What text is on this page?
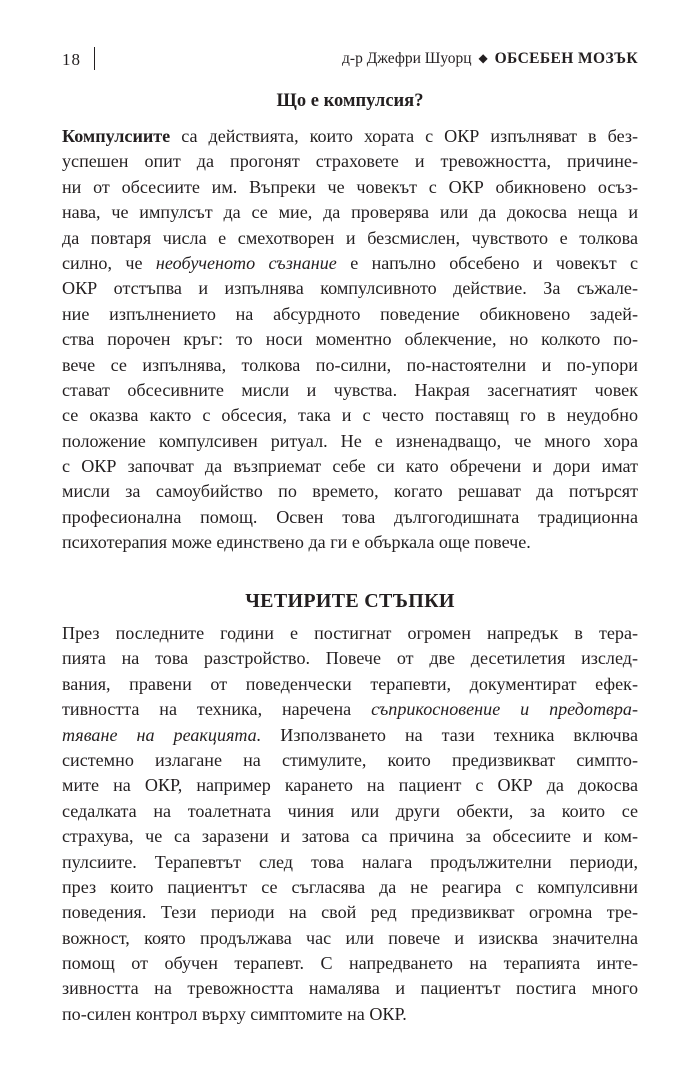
18	д-р Джефри Шуорц ◆ ОБСЕБЕН МОЗЪК
Що е компулсия?
Компулсиите са действията, които хората с ОКР изпълняват в без-
успешен опит да прогонят страховете и тревожността, причине-
ни от обсесиите им. Въпреки че човекът с ОКР обикновено осъз-
нава, че импулсът да се мие, да проверява или да докосва неща и
да повтаря числа е смехотворен и безсмислен, чувството е толкова
силно, че необученото съзнание е напълно обсебено и човекът с
ОКР отстъпва и изпълнява компулсивното действие. За съжале-
ние изпълнението на абсурдното поведение обикновено задей-
ства порочен кръг: то носи моментно облекчение, но колкото по-
вече се изпълнява, толкова по-силни, по-настоятелни и по-упори
стават обсесивните мисли и чувства. Накрая засегнатият човек
се оказва както с обсесия, така и с често поставящ го в неудобно
положение компулсивен ритуал. Не е изненадващо, че много хора
с ОКР започват да възприемат себе си като обречени и дори имат
мисли за самоубийство по времето, когато решават да потърсят
професионална помощ. Освен това дългогодишната традиционна
психотерапия може единствено да ги е объркала още повече.
ЧЕТИРИТЕ СТЪПКИ
През последните години е постигнат огромен напредък в тера-
пията на това разстройство. Повече от две десетилетия изслед-
вания, правени от поведенчески терапевти, документират ефек-
тивността на техника, наречена съприкосновение и предотвра-
тяване на реакцията. Използването на тази техника включва
системно излагане на стимулите, които предизвикват симпто-
мите на ОКР, например карането на пациент с ОКР да докосва
седалката на тоалетната чиния или други обекти, за които се
страхува, че са заразени и затова са причина за обсесиите и ком-
пулсиите. Терапевтът след това налага продължителни периоди,
през които пациентът се съгласява да не реагира с компулсивни
поведения. Тези периоди на свой ред предизвикват огромна тре-
вожност, която продължава час или повече и изисква значителна
помощ от обучен терапевт. С напредването на терапията инте-
зивността на тревожността намалява и пациентът постига много
по-силен контрол върху симптомите на ОКР.
